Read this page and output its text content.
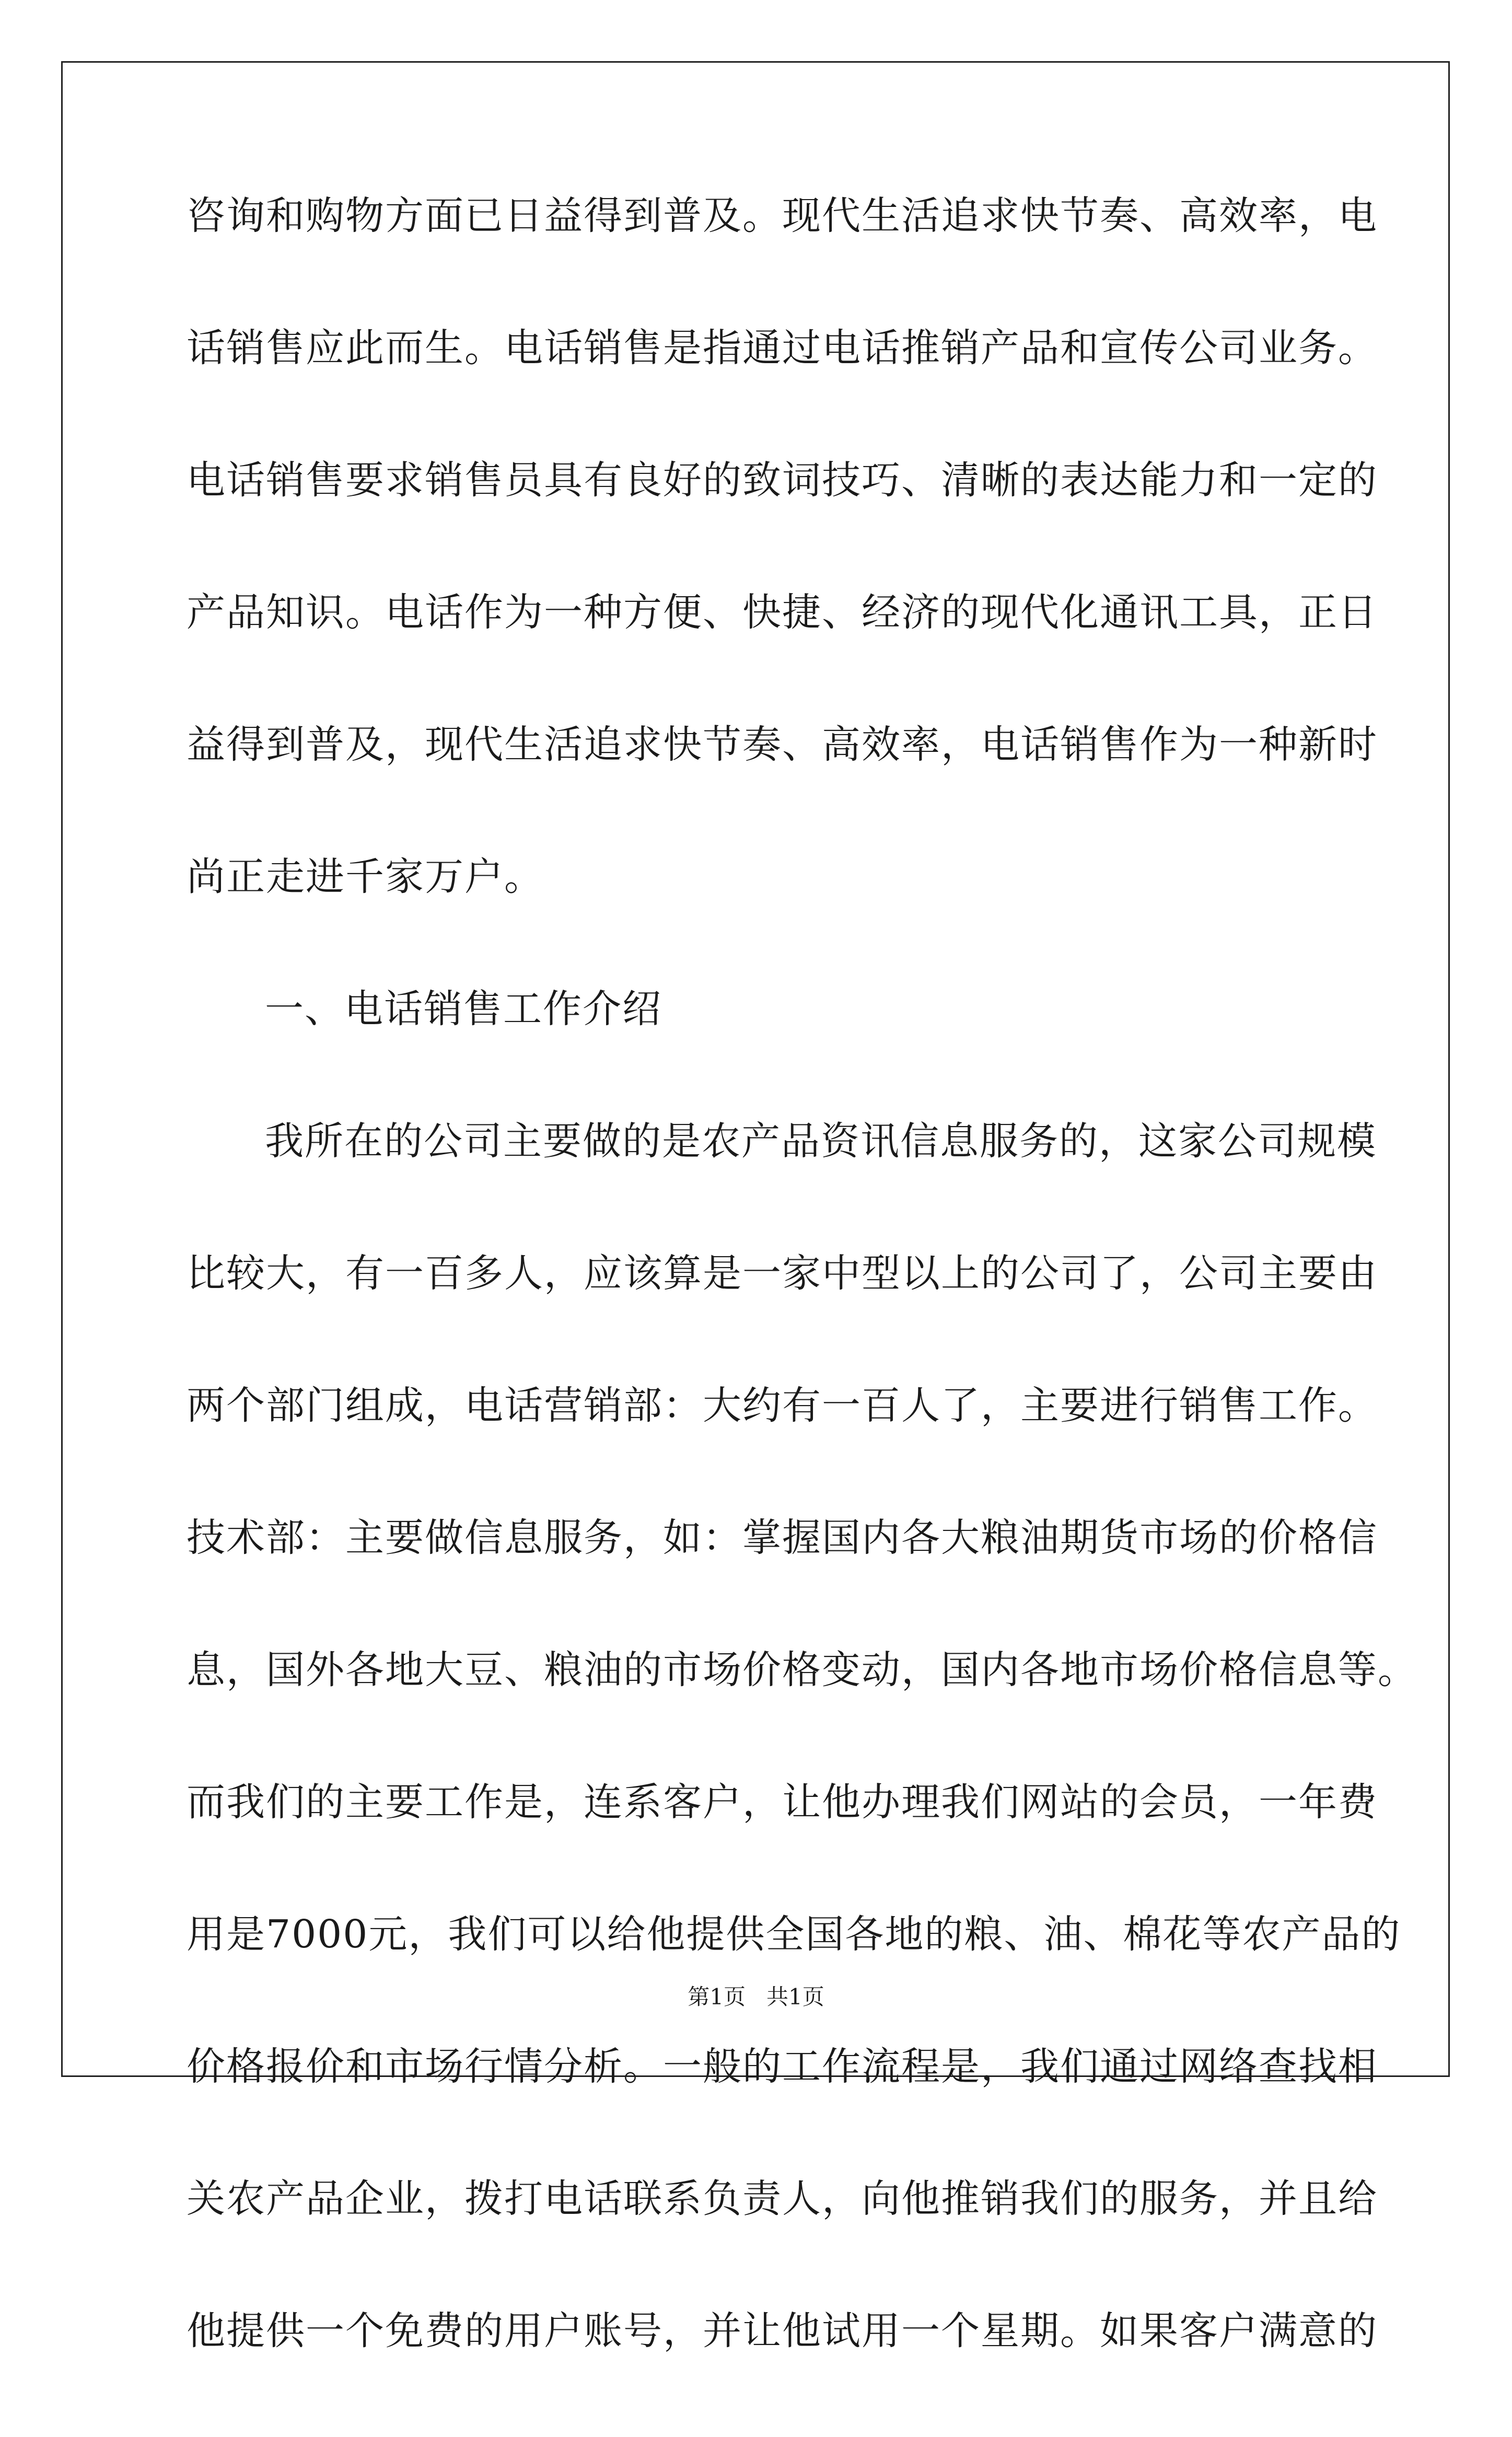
咨询和购物方面已日益得到普及。现代生活追求快节奏、高效率，电
话销售应此而生。电话销售是指通过电话推销产品和宣传公司业务。
电话销售要求销售员具有良好的致词技巧、清晰的表达能力和一定的
产品知识。电话作为一种方便、快捷、经济的现代化通讯工具，正日
益得到普及，现代生活追求快节奏、高效率，电话销售作为一种新时
尚正走进千家万户。
一、电话销售工作介绍
我所在的公司主要做的是农产品资讯信息服务的，这家公司规模
比较大，有一百多人，应该算是一家中型以上的公司了，公司主要由
两个部门组成，电话营销部：大约有一百人了，主要进行销售工作。
技术部：主要做信息服务，如：掌握国内各大粮油期货市场的价格信
息，国外各地大豆、粮油的市场价格变动，国内各地市场价格信息等。
而我们的主要工作是，连系客户，让他办理我们网站的会员，一年费
用是7000元，我们可以给他提供全国各地的粮、油、棉花等农产品的
价格报价和市场行情分析。一般的工作流程是，我们通过网络查找相
关农产品企业，拨打电话联系负责人，向他推销我们的服务，并且给
他提供一个免费的用户账号，并让他试用一个星期。如果客户满意的
第1页 共1页
